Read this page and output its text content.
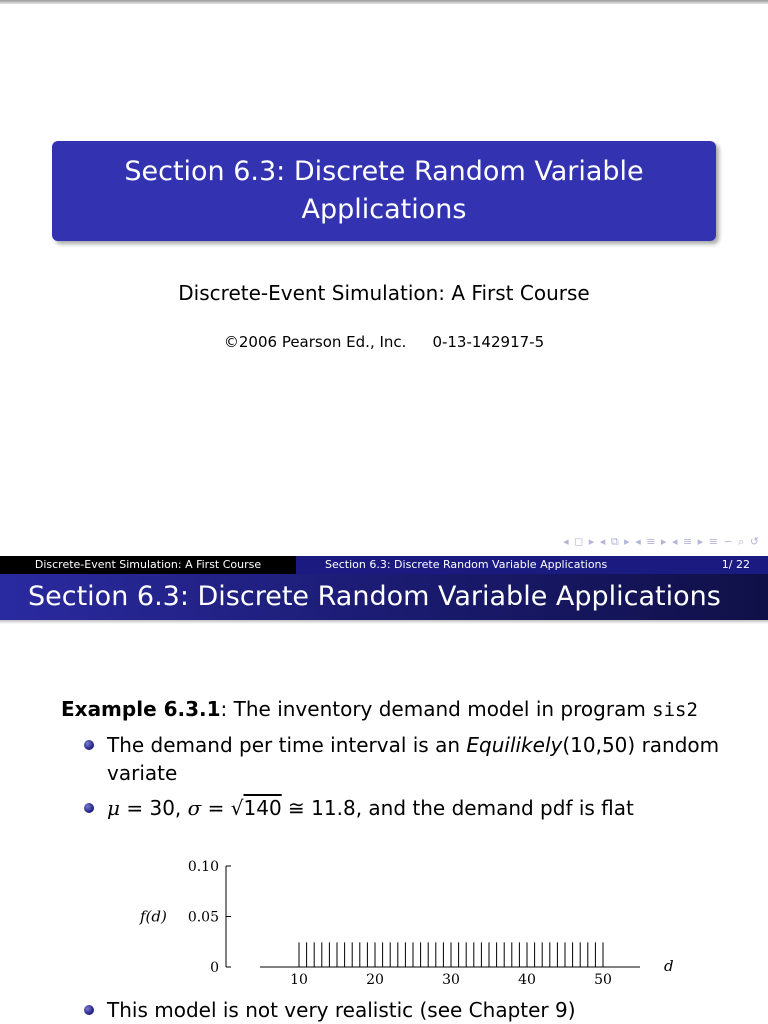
Section 6.3: Discrete Random Variable Applications
Discrete-Event Simulation: A First Course
©2006 Pearson Ed., Inc. 0-13-142917-5
◂ ◻ ▸ ◂ ⧉ ▸ ◂ ≡ ▸ ◂ ≡ ▸ ≡ ∽ ⌕ ↺
Discrete-Event Simulation: A First Course	Section 6.3: Discrete Random Variable Applications	1/ 22
Section 6.3: Discrete Random Variable Applications
Example 6.3.1: The inventory demand model in program sis2
The demand per time interval is an Equilikely(10,50) random variate
μ = 30, σ = √140 ≅ 11.8, and the demand pdf is flat
f(d)
0
0.05
0.10
d
10	20	30	40	50
This model is not very realistic (see Chapter 9)
